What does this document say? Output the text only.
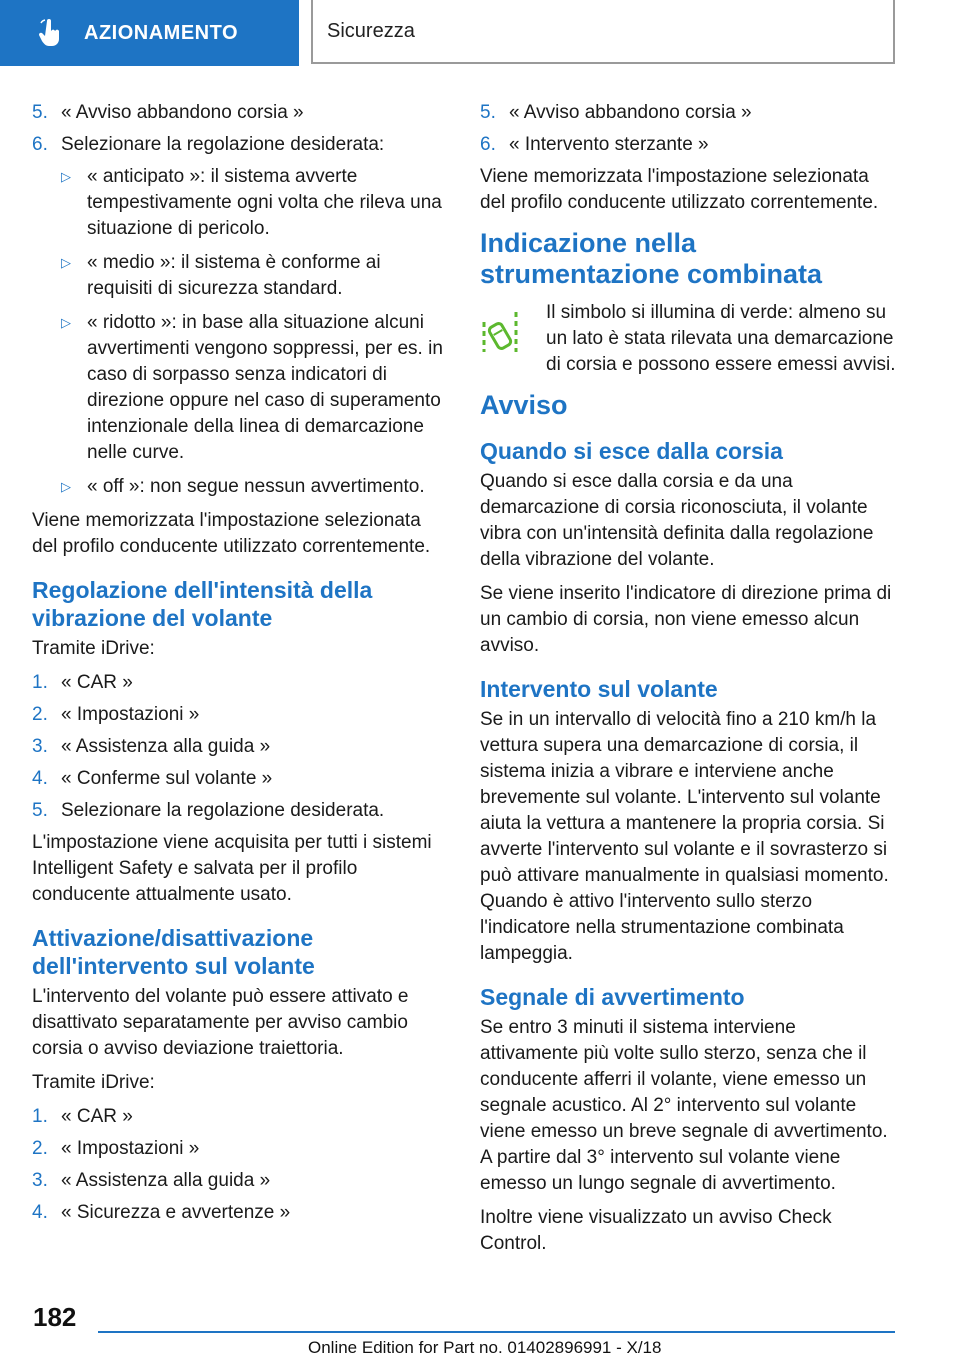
AZIONAMENTO	Sicurezza
5. « Avviso abbandono corsia »
6. Selezionare la regolazione desiderata:
▷ « anticipato »: il sistema avverte tempestivamente ogni volta che rileva una situazione di pericolo.
▷ « medio »: il sistema è conforme ai requisiti di sicurezza standard.
▷ « ridotto »: in base alla situazione alcuni avvertimenti vengono soppressi, per es. in caso di sorpasso senza indicatori di direzione oppure nel caso di superamento intenzionale della linea di demarcazione nelle curve.
▷ « off »: non segue nessun avvertimento.

Viene memorizzata l'impostazione selezionata del profilo conducente utilizzato correntemente.

Regolazione dell'intensità della vibrazione del volante

Tramite iDrive:

1. « CAR »
2. « Impostazioni »
3. « Assistenza alla guida »
4. « Conferme sul volante »
5. Selezionare la regolazione desiderata.

L'impostazione viene acquisita per tutti i sistemi Intelligent Safety e salvata per il profilo conducente attualmente usato.

Attivazione/disattivazione dell'intervento sul volante

L'intervento del volante può essere attivato e disattivato separatamente per avviso cambio corsia o avviso deviazione traiettoria.

Tramite iDrive:

1. « CAR »
2. « Impostazioni »
3. « Assistenza alla guida »
4. « Sicurezza e avvertenze »
5. « Avviso abbandono corsia »
6. « Intervento sterzante »

Viene memorizzata l'impostazione selezionata del profilo conducente utilizzato correntemente.

Indicazione nella strumentazione combinata

Il simbolo si illumina di verde: almeno su un lato è stata rilevata una demarcazione di corsia e possono essere emessi avvisi.

Avviso
Quando si esce dalla corsia

Quando si esce dalla corsia e da una demarcazione di corsia riconosciuta, il volante vibra con un'intensità definita dalla regolazione della vibrazione del volante.

Se viene inserito l'indicatore di direzione prima di un cambio di corsia, non viene emesso alcun avviso.

Intervento sul volante

Se in un intervallo di velocità fino a 210 km/h la vettura supera una demarcazione di corsia, il sistema inizia a vibrare e interviene anche brevemente sul volante. L'intervento sul volante aiuta la vettura a mantenere la propria corsia. Si avverte l'intervento sul volante e il sovrasterzo si può attivare manualmente in qualsiasi momento. Quando è attivo l'intervento sullo sterzo l'indicatore nella strumentazione combinata lampeggia.

Segnale di avvertimento

Se entro 3 minuti il sistema interviene attivamente più volte sullo sterzo, senza che il conducente afferri il volante, viene emesso un segnale acustico. Al 2° intervento sul volante viene emesso un breve segnale di avvertimento. A partire dal 3° intervento sul volante viene emesso un lungo segnale di avvertimento.

Inoltre viene visualizzato un avviso Check Control.

182
Online Edition for Part no. 01402896991 - X/18
